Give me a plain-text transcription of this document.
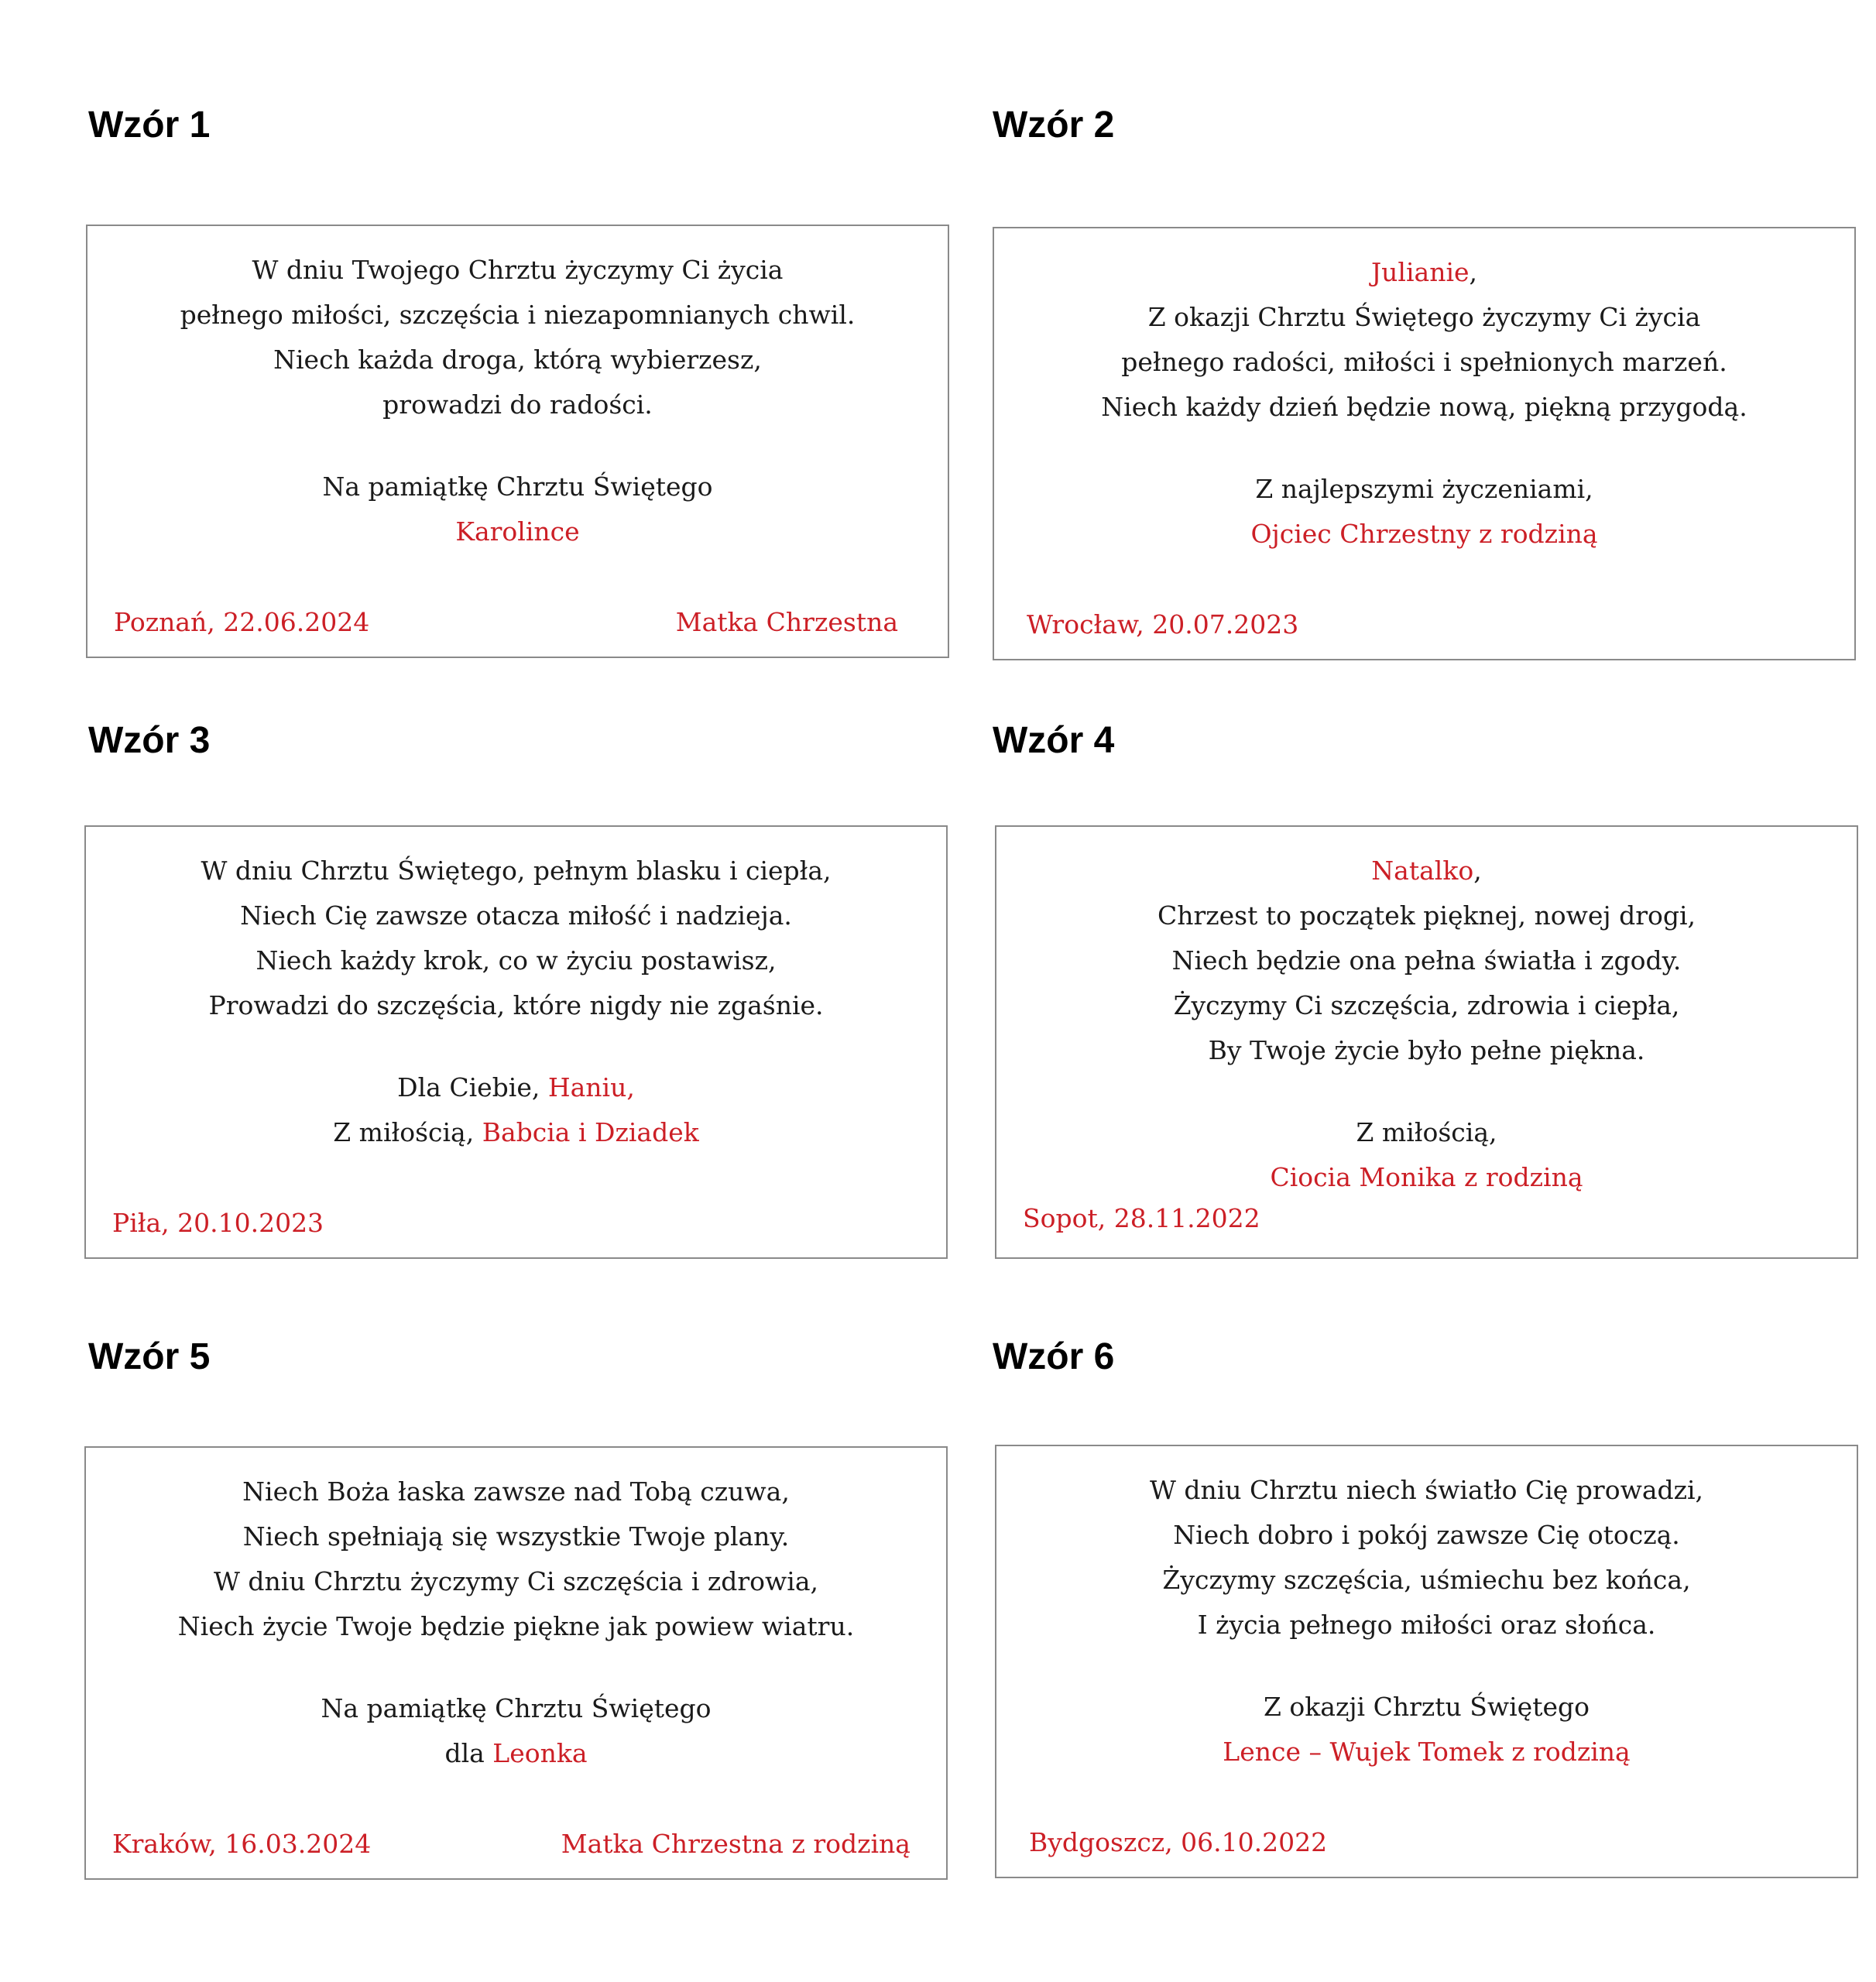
Wzór 1
W dniu Twojego Chrztu życzymy Ci życia
pełnego miłości, szczęścia i niezapomnianych chwil.
Niech każda droga, którą wybierzesz,
prowadzi do radości.
Na pamiątkę Chrztu Świętego
Karolince
Poznań, 22.06.2024	Matka Chrzestna
Wzór 2
Julianie,
Z okazji Chrztu Świętego życzymy Ci życia
pełnego radości, miłości i spełnionych marzeń.
Niech każdy dzień będzie nową, piękną przygodą.
Z najlepszymi życzeniami,
Ojciec Chrzestny z rodziną
Wrocław, 20.07.2023
Wzór 3
W dniu Chrztu Świętego, pełnym blasku i ciepła,
Niech Cię zawsze otacza miłość i nadzieja.
Niech każdy krok, co w życiu postawisz,
Prowadzi do szczęścia, które nigdy nie zgaśnie.
Dla Ciebie, Haniu,
Z miłością, Babcia i Dziadek
Piła, 20.10.2023
Wzór 4
Natalko,
Chrzest to początek pięknej, nowej drogi,
Niech będzie ona pełna światła i zgody.
Życzymy Ci szczęścia, zdrowia i ciepła,
By Twoje życie było pełne piękna.
Z miłością,
Ciocia Monika z rodziną
Sopot, 28.11.2022
Wzór 5
Niech Boża łaska zawsze nad Tobą czuwa,
Niech spełniają się wszystkie Twoje plany.
W dniu Chrztu życzymy Ci szczęścia i zdrowia,
Niech życie Twoje będzie piękne jak powiew wiatru.
Na pamiątkę Chrztu Świętego
dla Leonka
Kraków, 16.03.2024	Matka Chrzestna z rodziną
Wzór 6
W dniu Chrztu niech światło Cię prowadzi,
Niech dobro i pokój zawsze Cię otoczą.
Życzymy szczęścia, uśmiechu bez końca,
I życia pełnego miłości oraz słońca.
Z okazji Chrztu Świętego
Lence – Wujek Tomek z rodziną
Bydgoszcz, 06.10.2022
